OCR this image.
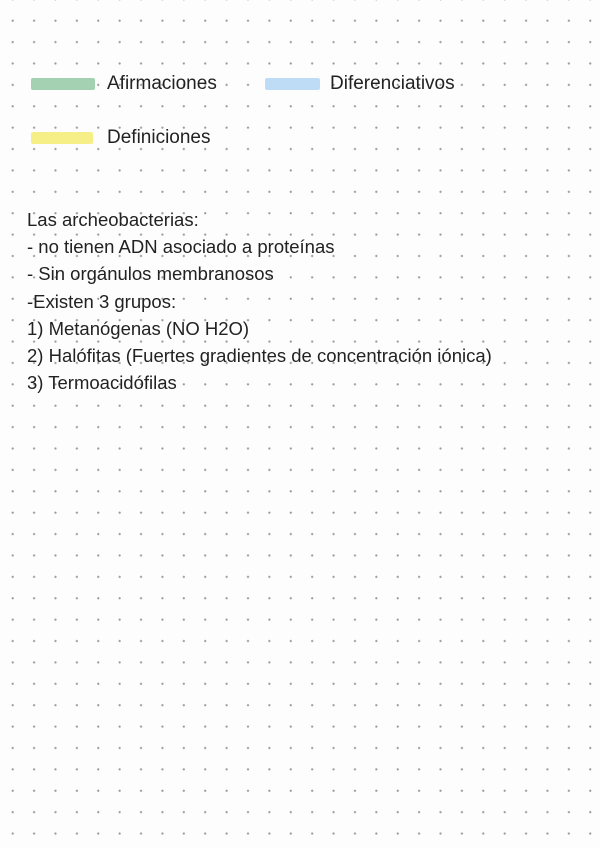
Afirmaciones	Diferenciativos
Definiciones
Las archeobacterias:
- no tienen ADN asociado a proteínas
- Sin orgánulos membranosos
-Existen 3 grupos:
1) Metanógenas (NO H2O)
2) Halófitas (Fuertes gradientes de concentración iónica)
3) Termoacidófilas
